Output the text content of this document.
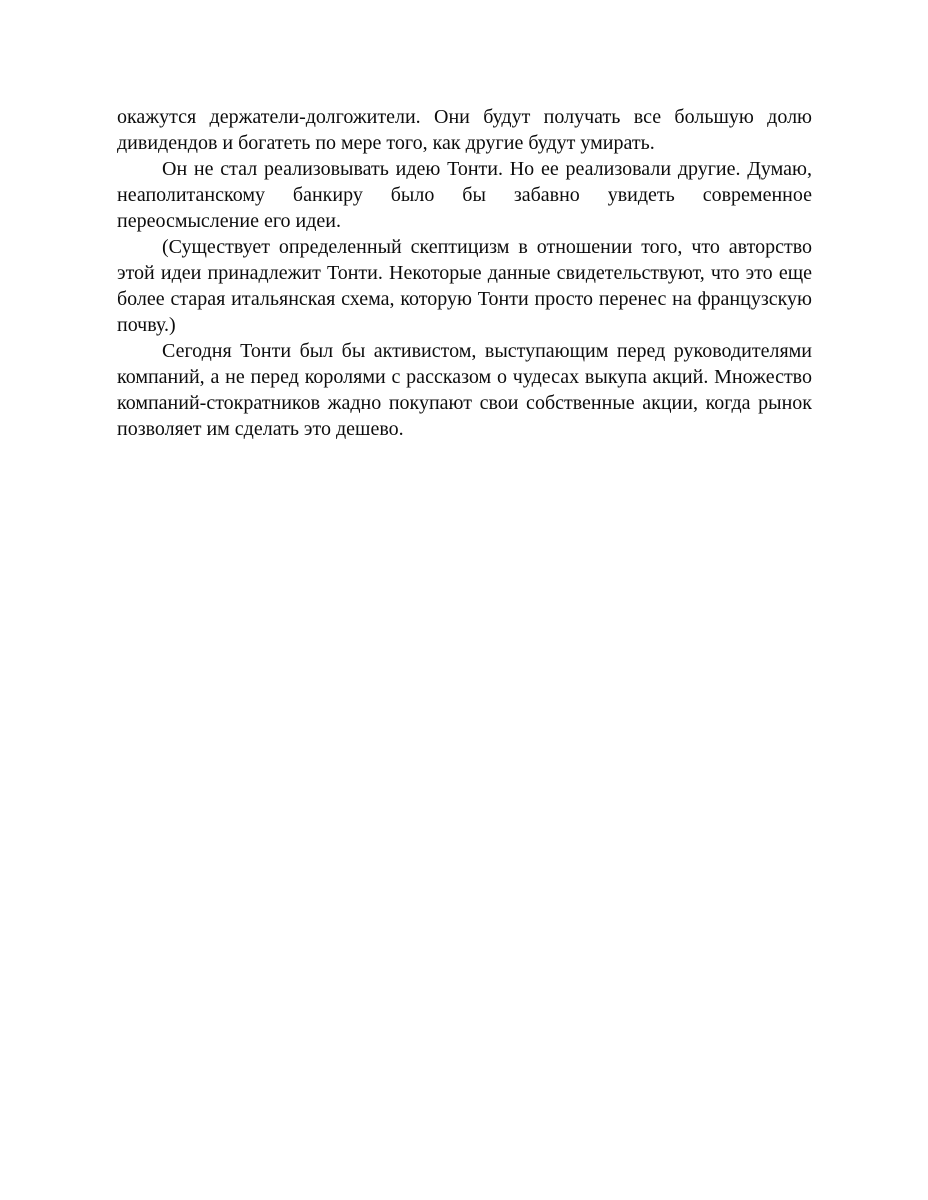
окажутся держатели-долгожители. Они будут получать все большую долю дивидендов и богатеть по мере того, как другие будут умирать.

Он не стал реализовывать идею Тонти. Но ее реализовали другие. Думаю, неаполитанскому банкиру было бы забавно увидеть современное переосмысление его идеи.

(Существует определенный скептицизм в отношении того, что авторство этой идеи принадлежит Тонти. Некоторые данные свидетельствуют, что это еще более старая итальянская схема, которую Тонти просто перенес на французскую почву.)

Сегодня Тонти был бы активистом, выступающим перед руководителями компаний, а не перед королями с рассказом о чудесах выкупа акций. Множество компаний-стократников жадно покупают свои собственные акции, когда рынок позволяет им сделать это дешево.
